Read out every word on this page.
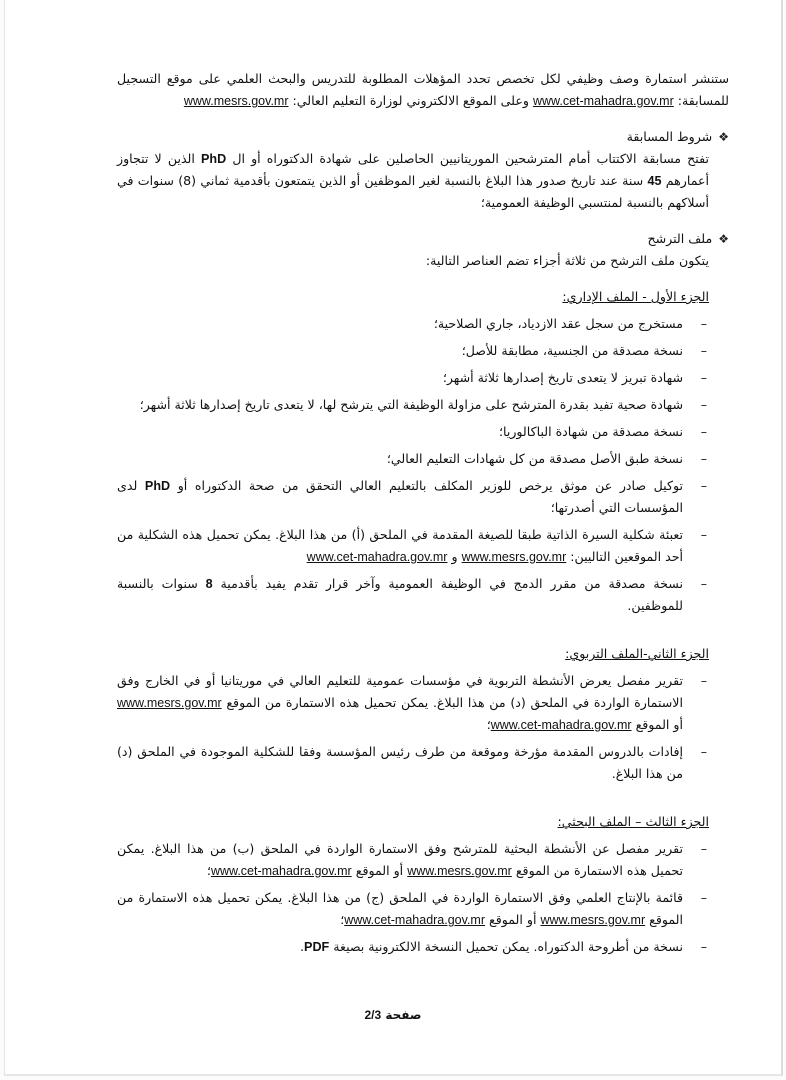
ستنشر استمارة وصف وظيفي لكل تخصص تحدد المؤهلات المطلوبة للتدريس والبحث العلمي على موقع التسجيل للمسابقة: www.cet-mahadra.gov.mr وعلى الموقع الالكتروني لوزارة التعليم العالي: www.mesrs.gov.mr

❖
شروط المسابقة

تفتح مسابقة الاكتتاب أمام المترشحين الموريتانيين الحاصلين على شهادة الدكتوراه أو ال PhD الذين لا تتجاوز أعمارهم 45 سنة عند تاريخ صدور هذا البلاغ بالنسبة لغير الموظفين أو الذين يتمتعون بأقدمية ثماني (8) سنوات في أسلاكهم بالنسبة لمنتسبي الوظيفة العمومية؛

❖
ملف الترشح

يتكون ملف الترشح من ثلاثة أجزاء تضم العناصر التالية:

الجزء الأول - الملف الإداري:

– مستخرج من سجل عقد الازدياد، جاري الصلاحية؛
– نسخة مصدقة من الجنسية، مطابقة للأصل؛
– شهادة تبريز لا يتعدى تاريخ إصدارها ثلاثة أشهر؛
– شهادة صحية تفيد بقدرة المترشح على مزاولة الوظيفة التي يترشح لها، لا يتعدى تاريخ إصدارها ثلاثة أشهر؛
– نسخة مصدقة من شهادة الباكالوريا؛
– نسخة طبق الأصل مصدقة من كل شهادات التعليم العالي؛
– توكيل صادر عن موثق يرخص للوزير المكلف بالتعليم العالي التحقق من صحة الدكتوراه أو PhD لدى المؤسسات التي أصدرتها؛
– تعبئة شكلية السيرة الذاتية طبقا للصيغة المقدمة في الملحق (أ) من هذا البلاغ. يمكن تحميل هذه الشكلية من أحد الموقعين التاليين: www.mesrs.gov.mr و www.cet-mahadra.gov.mr
– نسخة مصدقة من مقرر الدمج في الوظيفة العمومية وآخر قرار تقدم يفيد بأقدمية 8 سنوات بالنسبة للموظفين.

الجزء الثاني-الملف التربوي:

– تقرير مفصل يعرض الأنشطة التربوية في مؤسسات عمومية للتعليم العالي في موريتانيا أو في الخارج وفق الاستمارة الواردة في الملحق (د) من هذا البلاغ. يمكن تحميل هذه الاستمارة من الموقع www.mesrs.gov.mr أو الموقع www.cet-mahadra.gov.mr؛
– إفادات بالدروس المقدمة مؤرخة وموقعة من طرف رئيس المؤسسة وفقا للشكلية الموجودة في الملحق (د) من هذا البلاغ.

الجزء الثالث – الملف البحثي:

– تقرير مفصل عن الأنشطة البحثية للمترشح وفق الاستمارة الواردة في الملحق (ب) من هذا البلاغ. يمكن تحميل هذه الاستمارة من الموقع www.mesrs.gov.mr أو الموقع www.cet-mahadra.gov.mr؛
– قائمة بالإنتاج العلمي وفق الاستمارة الواردة في الملحق (ج) من هذا البلاغ. يمكن تحميل هذه الاستمارة من الموقع www.mesrs.gov.mr أو الموقع www.cet-mahadra.gov.mr؛
– نسخة من أطروحة الدكتوراه. يمكن تحميل النسخة الالكترونية بصيغة PDF.
صفحة 2/3
